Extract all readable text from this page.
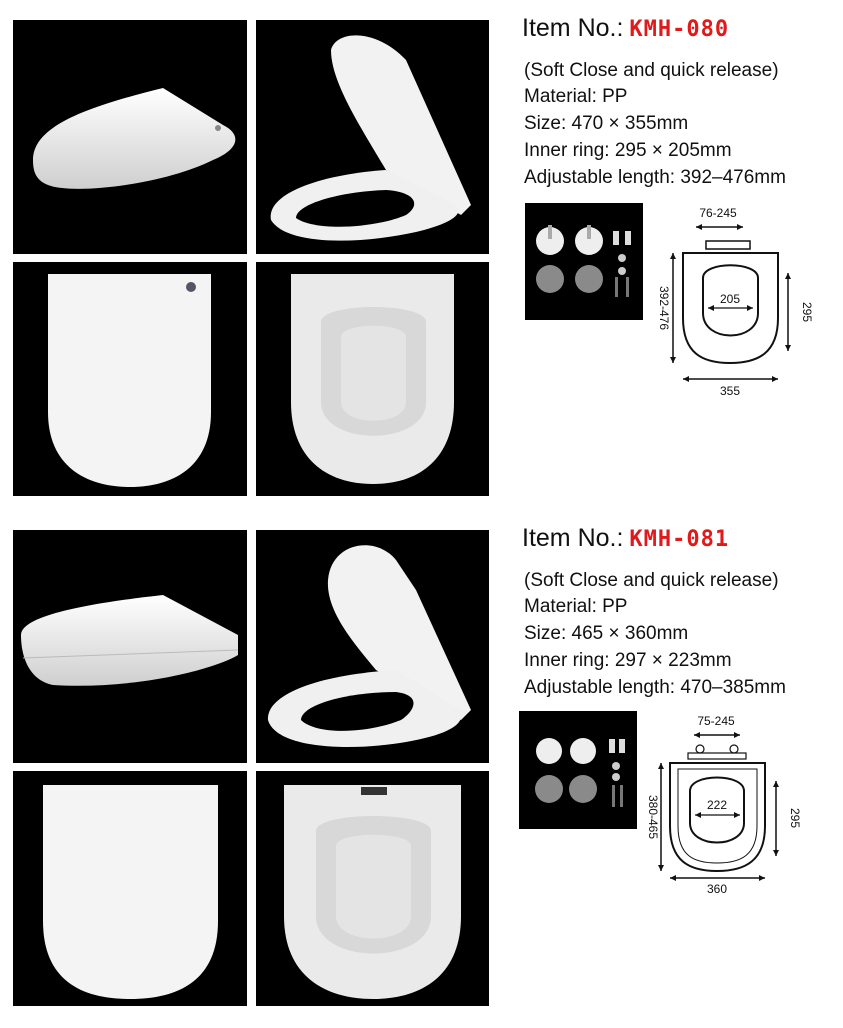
Item No.: KMH-080
(Soft Close and quick release)
Material: PP
Size: 470 × 355mm
Inner ring: 295 × 205mm
Adjustable length: 392–476mm
76-245
205
392-476	295
355
Item No.: KMH-081
(Soft Close and quick release)
Material: PP
Size: 465 × 360mm
Inner ring: 297 × 223mm
Adjustable length: 470–385mm
75-245
222
380-465	295
360
